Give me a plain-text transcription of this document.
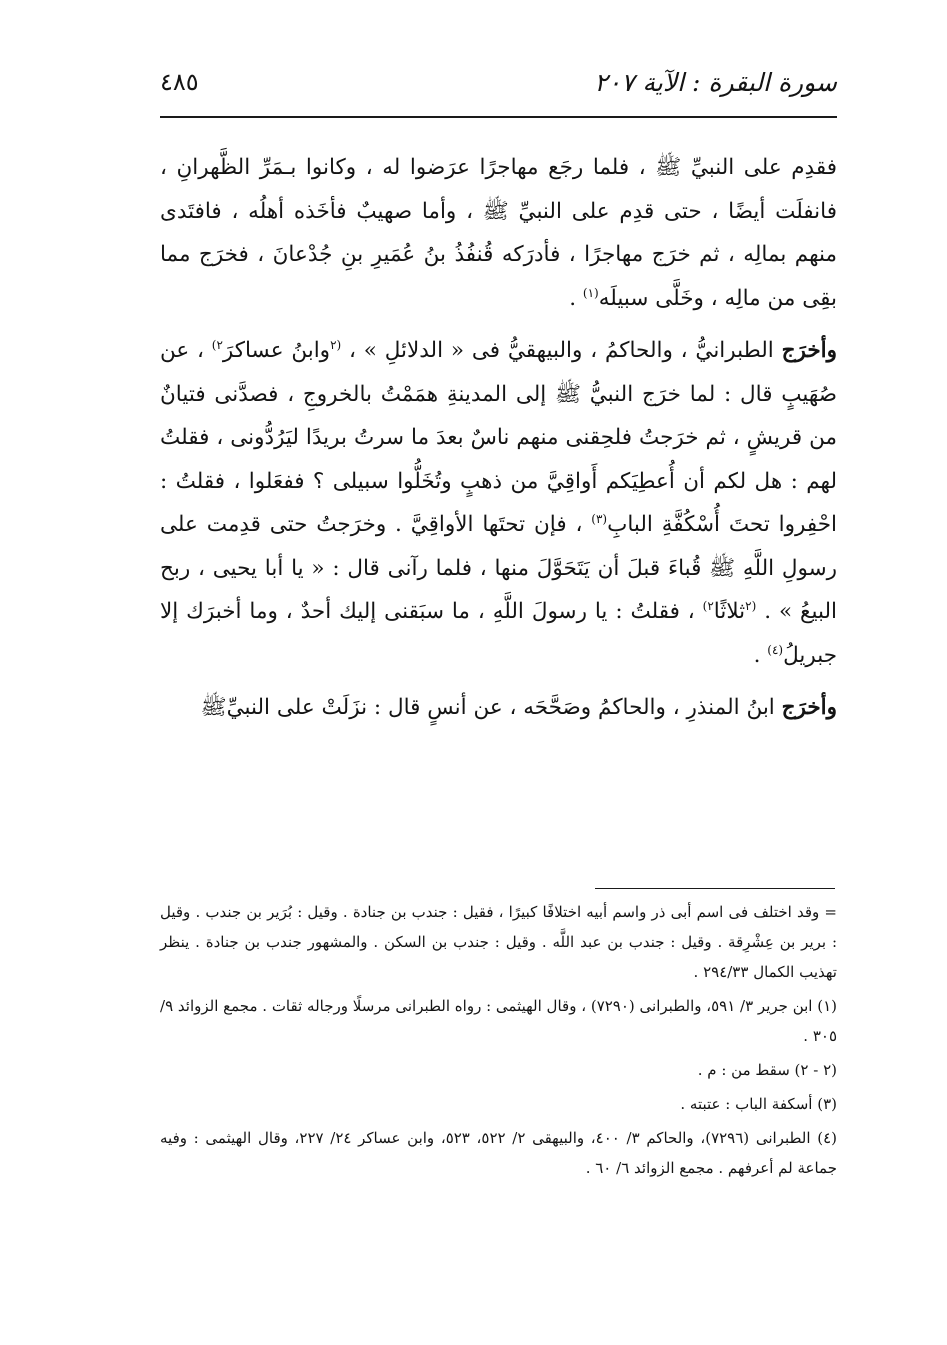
سورة البقرة : الآية ٢٠٧
٤٨٥

فقدِم على النبيِّ ﷺ ، فلما رجَع مهاجرًا عرَضوا له ، وكانوا بـمَرِّ الظَّهرانِ ، فانفلَت أيضًا ، حتى قدِم على النبيِّ ﷺ ، وأما صهيبٌ فأخَذه أهلُه ، فافتَدى منهم بمالِه ، ثم خرَج مهاجرًا ، فأدرَكه قُنفُذُ بنُ عُمَيرِ بنِ جُدْعانَ ، فخرَج مما بقِى من مالِه ، وخَلَّى سبيلَه$^{(١)}$ .

وأخرَج الطبرانيُّ ، والحاكمُ ، والبيهقيُّ فى « الدلائلِ » ، $^{(٢}$وابنُ عساكرَ$^{٢)}$ ، عن صُهَيبٍ قال : لما خرَج النبيُّ ﷺ إلى المدينةِ همَمْتُ بالخروجِ ، فصدَّنى فتيانٌ من قريشٍ ، ثم خرَجتُ فلحِقنى منهم ناسٌ بعدَ ما سرتُ بريدًا ليَرُدُّونى ، فقلتُ لهم : هل لكم أن أُعطِيَكم أَواقِيَّ من ذهبٍ وتُخَلُّوا سبيلى ؟ ففعَلوا ، فقلتُ : احْفِروا تحتَ أُسْكُفَّةِ البابِ$^{(٣)}$ ، فإن تحتَها الأواقِيَّ . وخرَجتُ حتى قدِمت على رسولِ اللَّهِ ﷺ قُباءَ قبلَ أن يَتَحَوَّلَ منها ، فلما رآنى قال : « يا أبا يحيى ، ربح البيعُ » . $^{(٢}$ثلاثًا$^{٢)}$ ، فقلتُ : يا رسولَ اللَّهِ ، ما سبَقنى إليك أحدٌ ، وما أخبرَك إلا جبريلُ$^{(٤)}$ .

وأخرَج ابنُ المنذرِ ، والحاكمُ وصَحَّحَه ، عن أنسٍ قال : نزَلَتْ على النبيِّﷺ

= وقد اختلف فى اسم أبى ذر واسم أبيه اختلافًا كبيرًا ، فقيل : جندب بن جنادة . وقيل : بُرَير بن جندب . وقيل : برير بن عِشْرِقة . وقيل : جندب بن عبد اللَّه . وقيل : جندب بن السكن . والمشهور جندب بن جنادة . ينظر تهذيب الكمال ٢٩٤/٣٣ .

(١) ابن جرير ٣/ ٥٩١، والطبرانى (٧٢٩٠) ، وقال الهيثمى : رواه الطبرانى مرسلًا ورجاله ثقات . مجمع الزوائد ٩/ ٣٠٥ .

(٢ - ٢) سقط من : م .

(٣) أسكفة الباب : عتبته .

(٤) الطبرانى (٧٢٩٦)، والحاكم ٣/ ٤٠٠، والبيهقى ٢/ ٥٢٢، ٥٢٣، وابن عساكر ٢٤/ ٢٢٧، وقال الهيثمى : وفيه جماعة لم أعرفهم . مجمع الزوائد ٦/ ٦٠ .
